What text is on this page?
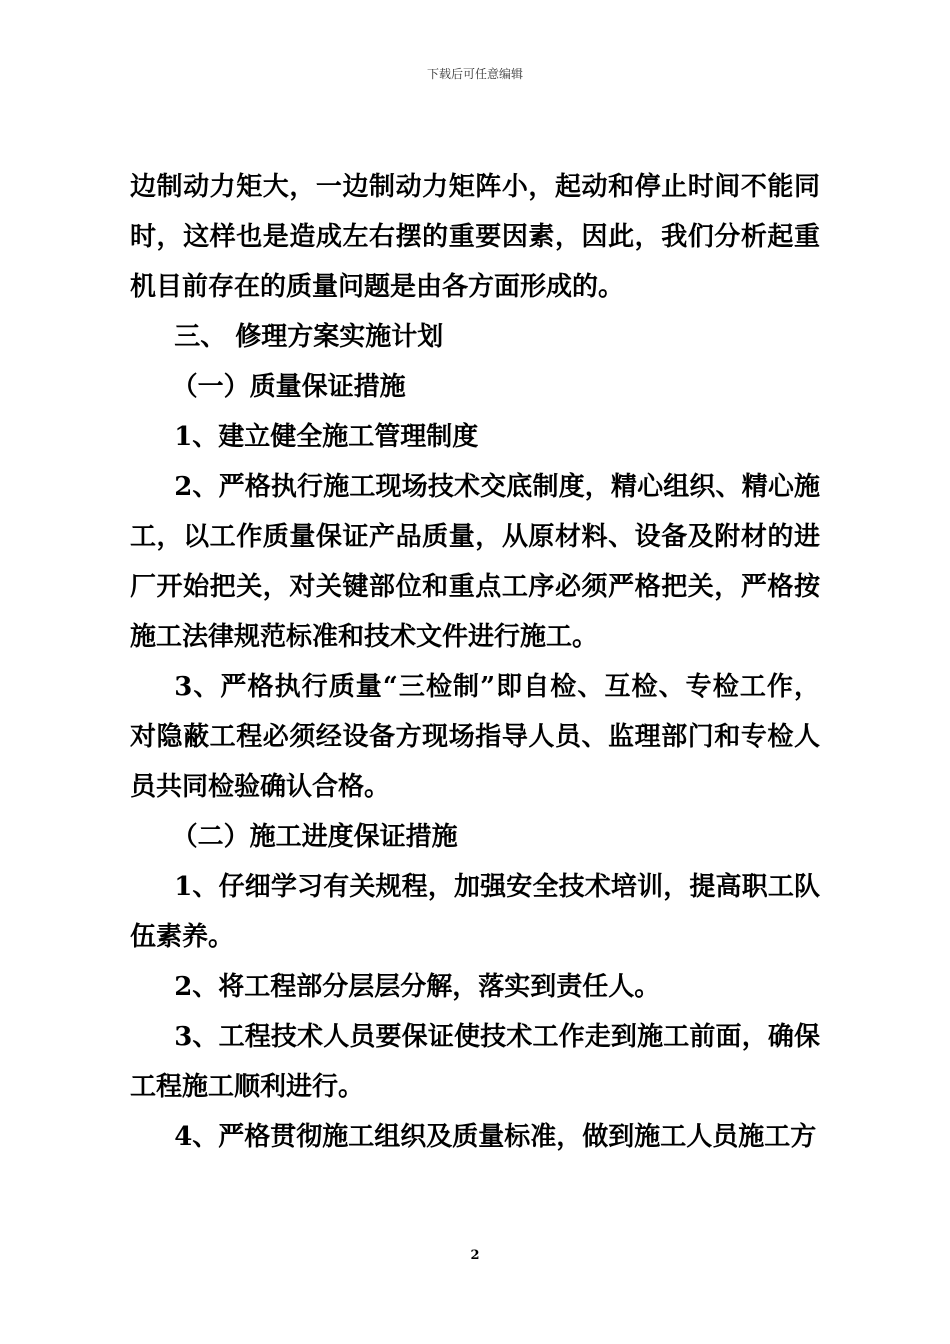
下载后可任意编辑

边制动力矩大，一边制动力矩阵小，起动和停止时间不能同时，这样也是造成左右摆的重要因素，因此，我们分析起重机目前存在的质量问题是由各方面形成的。

三、 修理方案实施计划

（一）质量保证措施

1、建立健全施工管理制度

2、严格执行施工现场技术交底制度，精心组织、精心施工，以工作质量保证产品质量，从原材料、设备及附材的进厂开始把关，对关键部位和重点工序必须严格把关，严格按施工法律规范标准和技术文件进行施工。

3、严格执行质量“三检制”即自检、互检、专检工作，对隐蔽工程必须经设备方现场指导人员、监理部门和专检人员共同检验确认合格。

（二）施工进度保证措施

1、仔细学习有关规程，加强安全技术培训，提高职工队伍素养。

2、将工程部分层层分解，落实到责任人。

3、工程技术人员要保证使技术工作走到施工前面，确保工程施工顺利进行。

4、严格贯彻施工组织及质量标准，做到施工人员施工方

2
